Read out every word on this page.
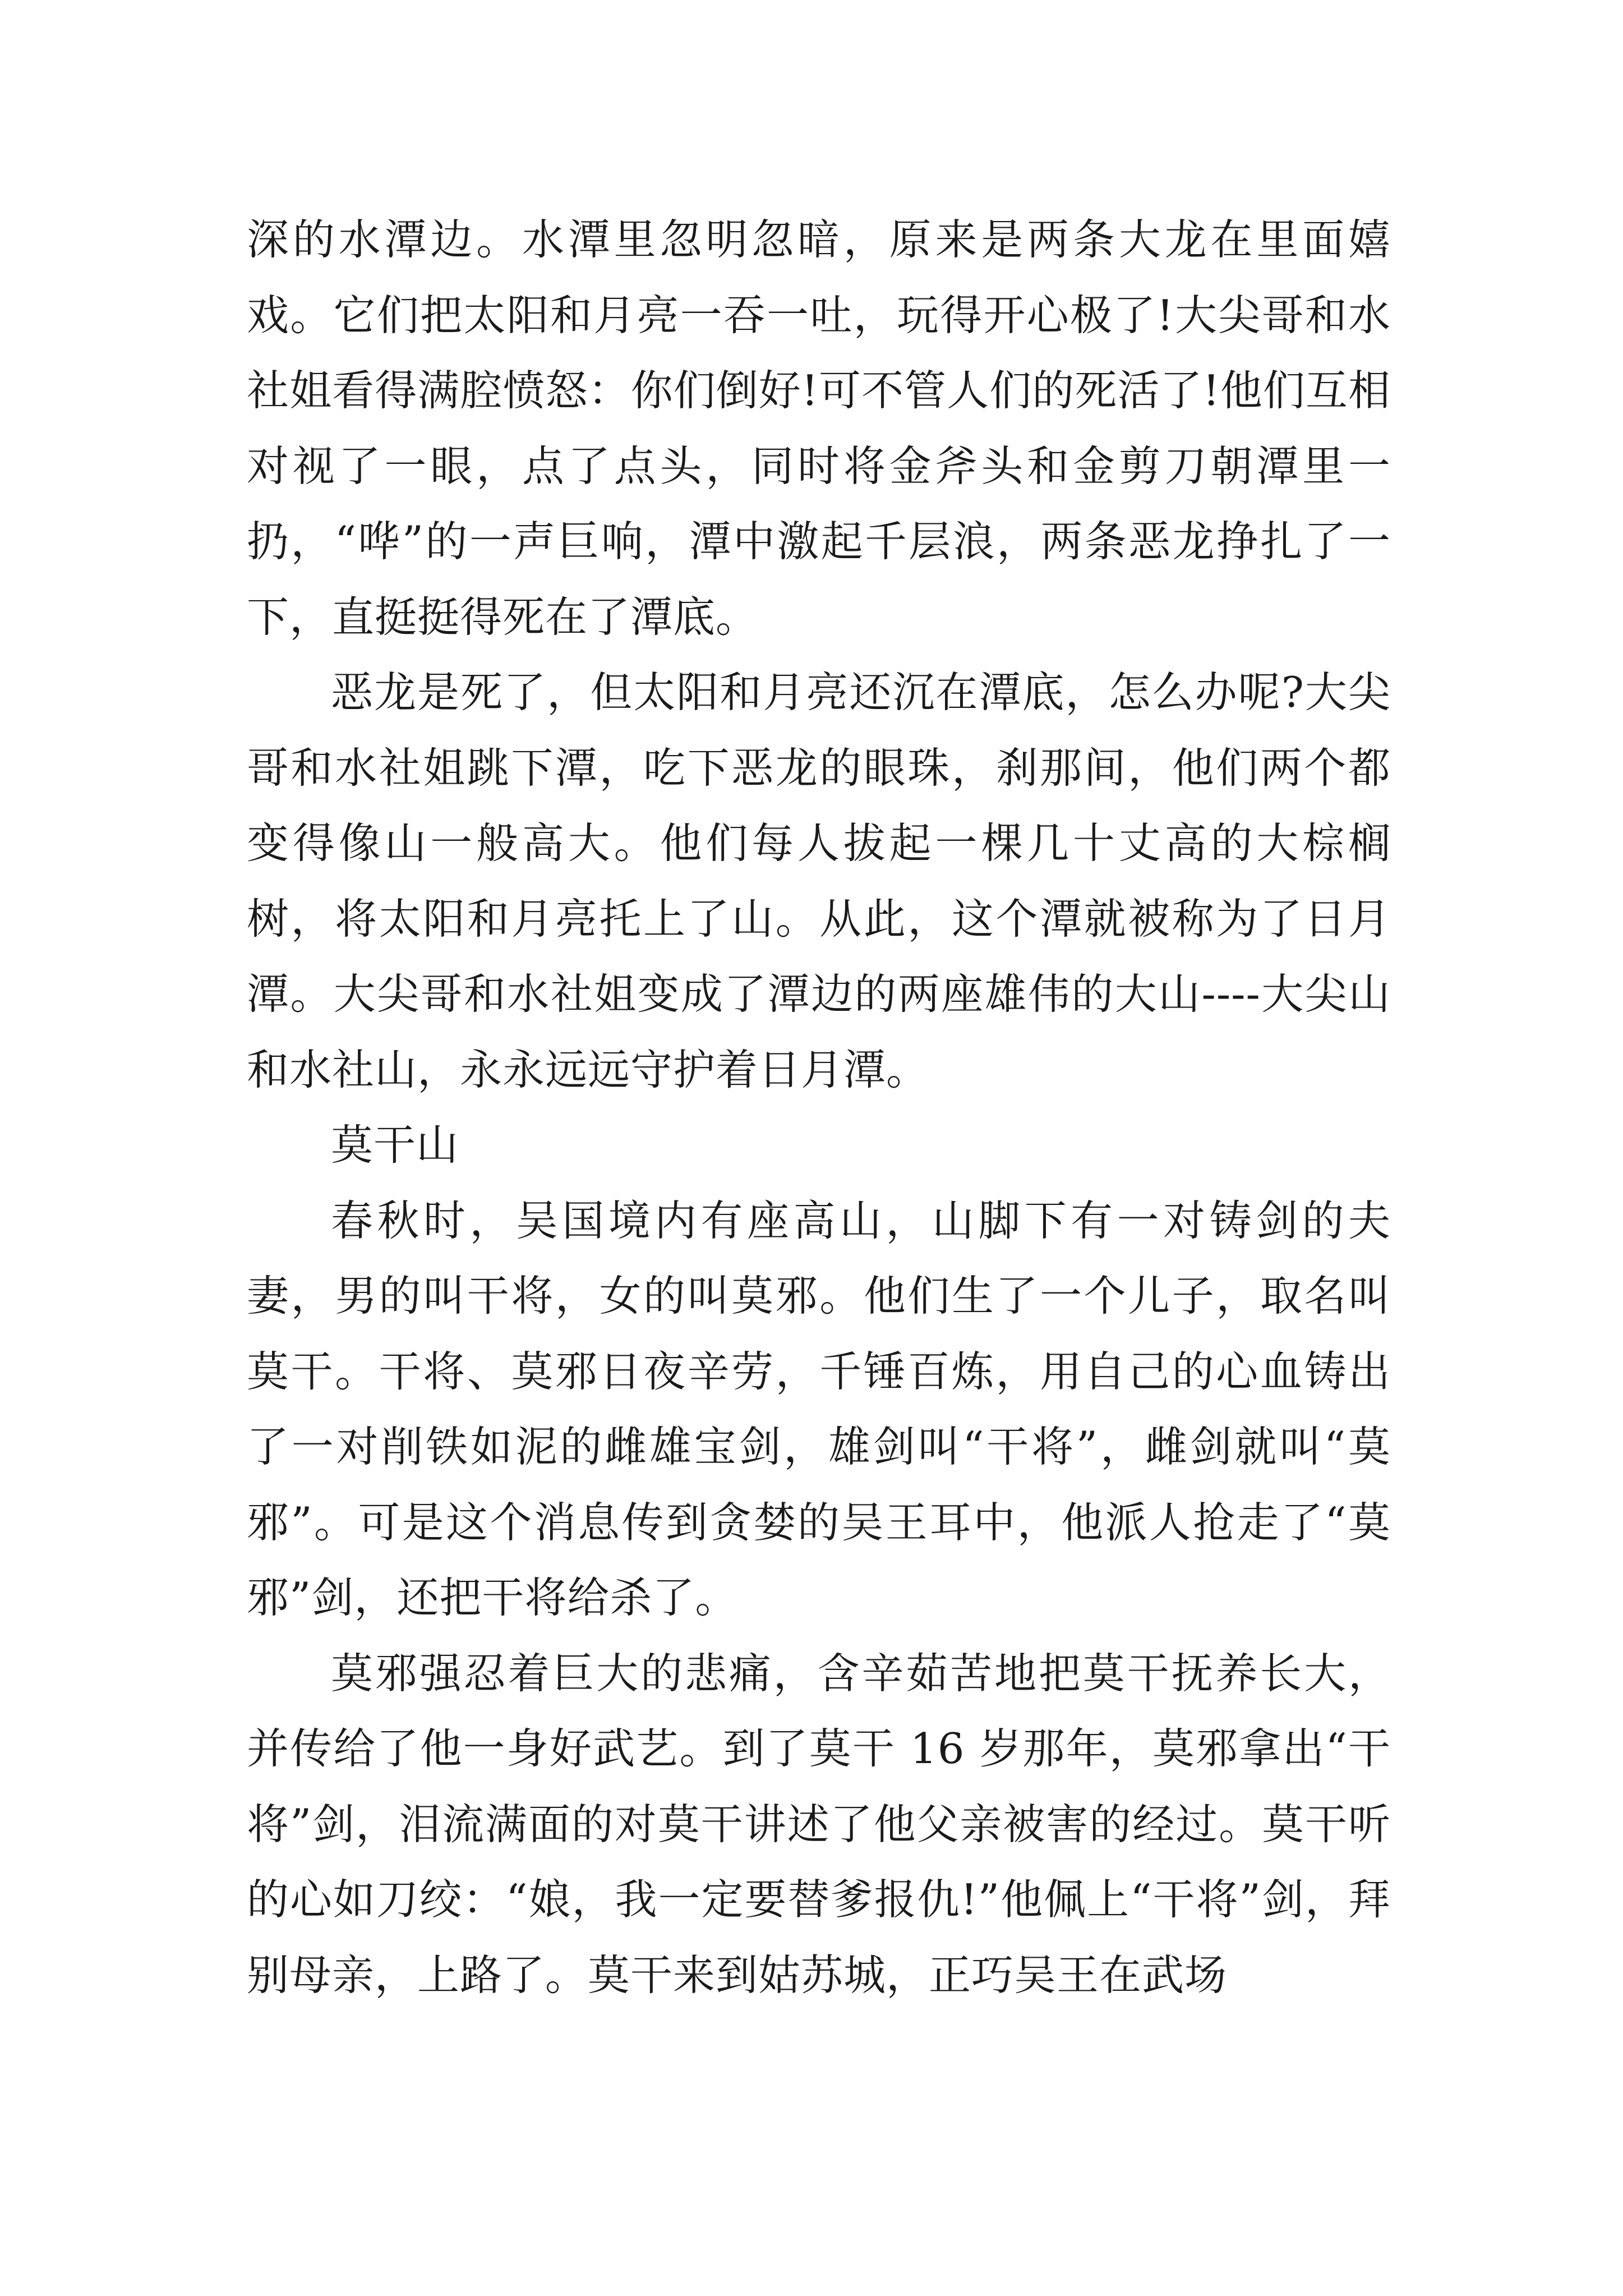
深的水潭边。水潭里忽明忽暗，原来是两条大龙在里面嬉戏。它们把太阳和月亮一吞一吐，玩得开心极了!大尖哥和水社姐看得满腔愤怒：你们倒好!可不管人们的死活了!他们互相对视了一眼，点了点头，同时将金斧头和金剪刀朝潭里一扔，“哗”的一声巨响，潭中激起千层浪，两条恶龙挣扎了一下，直挺挺得死在了潭底。

恶龙是死了，但太阳和月亮还沉在潭底，怎么办呢?大尖哥和水社姐跳下潭，吃下恶龙的眼珠，刹那间，他们两个都变得像山一般高大。他们每人拔起一棵几十丈高的大棕榈树，将太阳和月亮托上了山。从此，这个潭就被称为了日月潭。大尖哥和水社姐变成了潭边的两座雄伟的大山----大尖山和水社山，永永远远守护着日月潭。

莫干山

春秋时，吴国境内有座高山，山脚下有一对铸剑的夫妻，男的叫干将，女的叫莫邪。他们生了一个儿子，取名叫莫干。干将、莫邪日夜辛劳，千锤百炼，用自己的心血铸出了一对削铁如泥的雌雄宝剑，雄剑叫“干将”，雌剑就叫“莫邪”。可是这个消息传到贪婪的吴王耳中，他派人抢走了“莫邪”剑，还把干将给杀了。

莫邪强忍着巨大的悲痛，含辛茹苦地把莫干抚养长大，并传给了他一身好武艺。到了莫干 16 岁那年，莫邪拿出“干将”剑，泪流满面的对莫干讲述了他父亲被害的经过。莫干听的心如刀绞：“娘，我一定要替爹报仇!”他佩上“干将”剑，拜别母亲，上路了。莫干来到姑苏城，正巧吴王在武场
